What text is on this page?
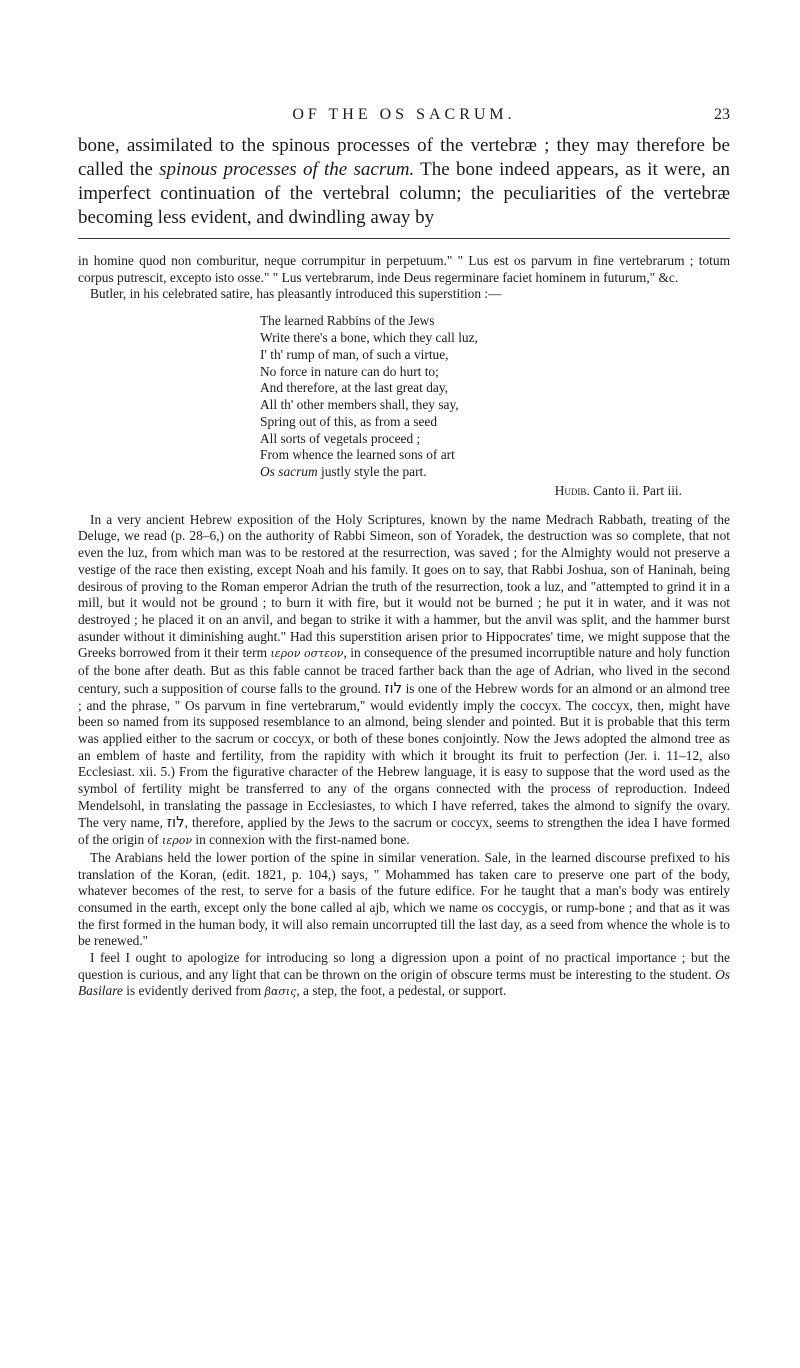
OF THE OS SACRUM.	23

bone, assimilated to the spinous processes of the vertebræ ; they may therefore be called the spinous processes of the sacrum. The bone indeed appears, as it were, an imperfect continuation of the vertebral column; the peculiarities of the vertebræ becoming less evident, and dwindling away by

in homine quod non comburitur, neque corrumpitur in perpetuum." " Lus est os parvum in fine vertebrarum ; totum corpus putrescit, excepto isto osse." " Lus vertebrarum, inde Deus regerminare faciet hominem in futurum," &c.

Butler, in his celebrated satire, has pleasantly introduced this superstition :—

The learned Rabbins of the Jews
Write there's a bone, which they call luz,
I' th' rump of man, of such a virtue,
No force in nature can do hurt to;
And therefore, at the last great day,
All th' other members shall, they say,
Spring out of this, as from a seed
All sorts of vegetals proceed ;
From whence the learned sons of art
Os sacrum justly style the part.
Hudib. Canto ii. Part iii.

In a very ancient Hebrew exposition of the Holy Scriptures, known by the name Medrach Rabbath, treating of the Deluge, we read (p. 28–6,) on the authority of Rabbi Simeon, son of Yoradek, the destruction was so complete, that not even the luz, from which man was to be restored at the resurrection, was saved ; for the Almighty would not preserve a vestige of the race then existing, except Noah and his family. It goes on to say, that Rabbi Joshua, son of Haninah, being desirous of proving to the Roman emperor Adrian the truth of the resurrection, took a luz, and "attempted to grind it in a mill, but it would not be ground ; to burn it with fire, but it would not be burned ; he put it in water, and it was not destroyed ; he placed it on an anvil, and began to strike it with a hammer, but the anvil was split, and the hammer burst asunder without it diminishing aught." Had this superstition arisen prior to Hippocrates' time, we might suppose that the Greeks borrowed from it their term ιερον οστεον, in consequence of the presumed incorruptible nature and holy function of the bone after death. But as this fable cannot be traced farther back than the age of Adrian, who lived in the second century, such a supposition of course falls to the ground. לוז is one of the Hebrew words for an almond or an almond tree ; and the phrase, " Os parvum in fine vertebrarum," would evidently imply the coccyx. The coccyx, then, might have been so named from its supposed resemblance to an almond, being slender and pointed. But it is probable that this term was applied either to the sacrum or coccyx, or both of these bones conjointly. Now the Jews adopted the almond tree as an emblem of haste and fertility, from the rapidity with which it brought its fruit to perfection (Jer. i. 11–12, also Ecclesiast. xii. 5.) From the figurative character of the Hebrew language, it is easy to suppose that the word used as the symbol of fertility might be transferred to any of the organs connected with the process of reproduction. Indeed Mendelsohl, in translating the passage in Ecclesiastes, to which I have referred, takes the almond to signify the ovary. The very name, לוז, therefore, applied by the Jews to the sacrum or coccyx, seems to strengthen the idea I have formed of the origin of ιερον in connexion with the first-named bone.

The Arabians held the lower portion of the spine in similar veneration. Sale, in the learned discourse prefixed to his translation of the Koran, (edit. 1821, p. 104,) says, " Mohammed has taken care to preserve one part of the body, whatever becomes of the rest, to serve for a basis of the future edifice. For he taught that a man's body was entirely consumed in the earth, except only the bone called al ajb, which we name os coccygis, or rump-bone ; and that as it was the first formed in the human body, it will also remain uncorrupted till the last day, as a seed from whence the whole is to be renewed."

I feel I ought to apologize for introducing so long a digression upon a point of no practical importance ; but the question is curious, and any light that can be thrown on the origin of obscure terms must be interesting to the student. Os Basilare is evidently derived from βασις, a step, the foot, a pedestal, or support.
